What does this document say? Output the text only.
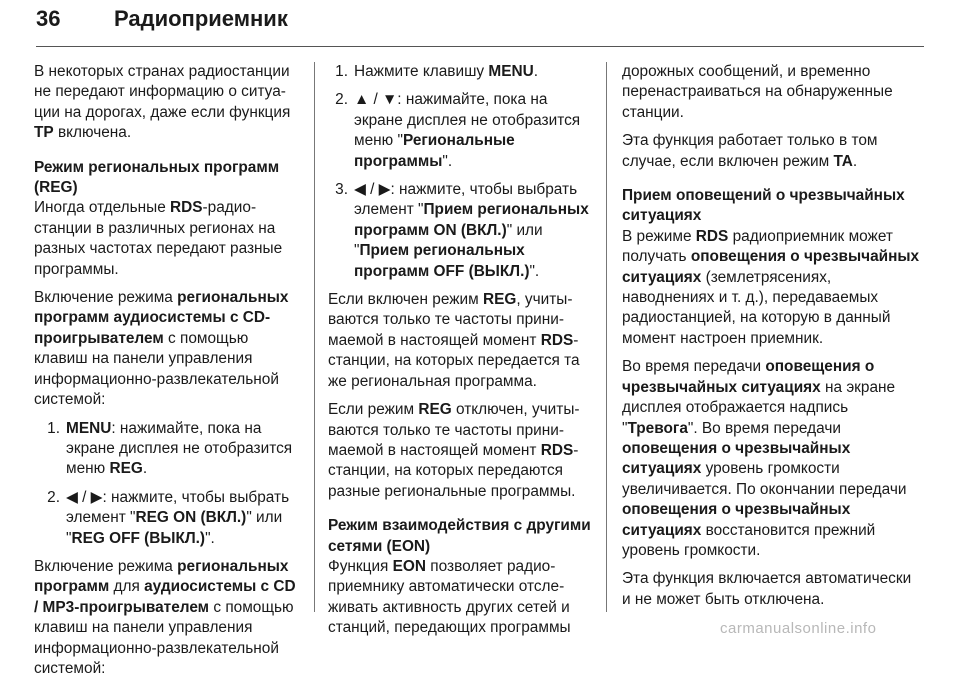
36 Радиоприемник

В некоторых странах радиостанции не передают информацию о ситуации на дорогах, даже если функция TP включена.

Режим региональных программ (REG)

Иногда отдельные RDS-радиостанции в различных регионах на разных частотах передают разные программы.

Включение режима региональных программ аудиосистемы с CD-проигрывателем с помощью клавиш на панели управления информационно-развлекательной системой:

1. MENU: нажимайте, пока на экране дисплея не отобразится меню REG.
2. ◀ / ▶: нажмите, чтобы выбрать элемент "REG ON (ВКЛ.)" или "REG OFF (ВЫКЛ.)".

Включение режима региональных программ для аудиосистемы с CD / MP3-проигрывателем с помощью клавиш на панели управления информационно-развлекательной системой:

1. Нажмите клавишу MENU.
2. ▲ / ▼: нажимайте, пока на экране дисплея не отобразится меню "Региональные программы".
3. ◀ / ▶: нажмите, чтобы выбрать элемент "Прием региональных программ ON (ВКЛ.)" или "Прием региональных программ OFF (ВЫКЛ.)".

Если включен режим REG, учитываются только те частоты принимаемой в настоящей момент RDS-станции, на которых передается та же региональная программа.

Если режим REG отключен, учитываются только те частоты принимаемой в настоящей момент RDS-станции, на которых передаются разные региональные программы.

Режим взаимодействия с другими сетями (EON)

Функция EON позволяет радиоприемнику автоматически отслеживать активность других сетей и станций, передающих программы

дорожных сообщений, и временно перенастраиваться на обнаруженные станции.

Эта функция работает только в том случае, если включен режим TA.

Прием оповещений о чрезвычайных ситуациях

В режиме RDS радиоприемник может получать оповещения о чрезвычайных ситуациях (землетрясениях, наводнениях и т. д.), передаваемых радиостанцией, на которую в данный момент настроен приемник.

Во время передачи оповещения о чрезвычайных ситуациях на экране дисплея отображается надпись "Тревога". Во время передачи оповещения о чрезвычайных ситуациях уровень громкости увеличивается. По окончании передачи оповещения о чрезвычайных ситуациях восстановится прежний уровень громкости.

Эта функция включается автоматически и не может быть отключена.

carmanualsonline.info
